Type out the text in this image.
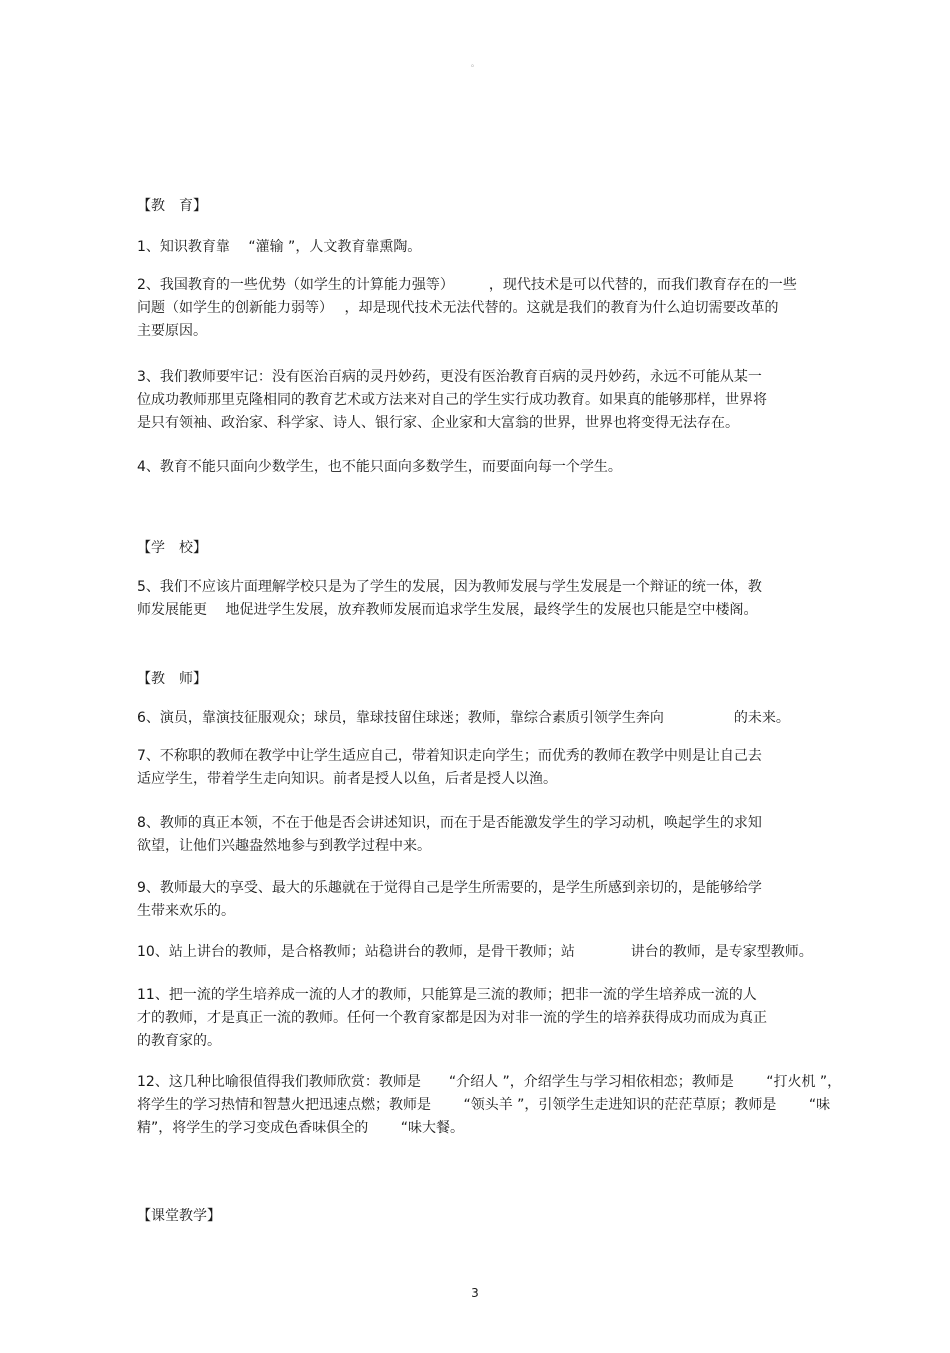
。
【教　育】
1、知识教育靠　 “灌输 ”，人文教育靠熏陶。
2、我国教育的一些优势（如学生的计算能力强等）　　　，现代技术是可以代替的，而我们教育存在的一些
问题（如学生的创新能力弱等）　 ，却是现代技术无法代替的。这就是我们的教育为什么迫切需要改革的
主要原因。
3、我们教师要牢记：没有医治百病的灵丹妙药，更没有医治教育百病的灵丹妙药，永远不可能从某一
位成功教师那里克隆相同的教育艺术或方法来对自己的学生实行成功教育。如果真的能够那样，世界将
是只有领袖、政治家、科学家、诗人、银行家、企业家和大富翁的世界，世界也将变得无法存在。
4、教育不能只面向少数学生，也不能只面向多数学生，而要面向每一个学生。
【学　校】
5、我们不应该片面理解学校只是为了学生的发展，因为教师发展与学生发展是一个辩证的统一体，教
师发展能更　 地促进学生发展，放弃教师发展而追求学生发展，最终学生的发展也只能是空中楼阁。
【教　师】
6、演员，靠演技征服观众；球员，靠球技留住球迷；教师，靠综合素质引领学生奔向　　　　　的未来。
7、不称职的教师在教学中让学生适应自己，带着知识走向学生；而优秀的教师在教学中则是让自己去
适应学生，带着学生走向知识。前者是授人以鱼，后者是授人以渔。
8、教师的真正本领，不在于他是否会讲述知识，而在于是否能激发学生的学习动机，唤起学生的求知
欲望，让他们兴趣盎然地参与到教学过程中来。
9、教师最大的享受、最大的乐趣就在于觉得自己是学生所需要的，是学生所感到亲切的，是能够给学
生带来欢乐的。
10、站上讲台的教师，是合格教师；站稳讲台的教师，是骨干教师；站　　　　讲台的教师，是专家型教师。
11、把一流的学生培养成一流的人才的教师，只能算是三流的教师；把非一流的学生培养成一流的人
才的教师，才是真正一流的教师。任何一个教育家都是因为对非一流的学生的培养获得成功而成为真正
的教育家的。
12、这几种比喻很值得我们教师欣赏：教师是　　“介绍人 ”，介绍学生与学习相依相恋；教师是　　 “打火机 ”，
将学生的学习热情和智慧火把迅速点燃；教师是　　 “领头羊 ”，引领学生走进知识的茫茫草原；教师是　　 “味
精”，将学生的学习变成色香味俱全的　　 “味大餐。
【课堂教学】
3
